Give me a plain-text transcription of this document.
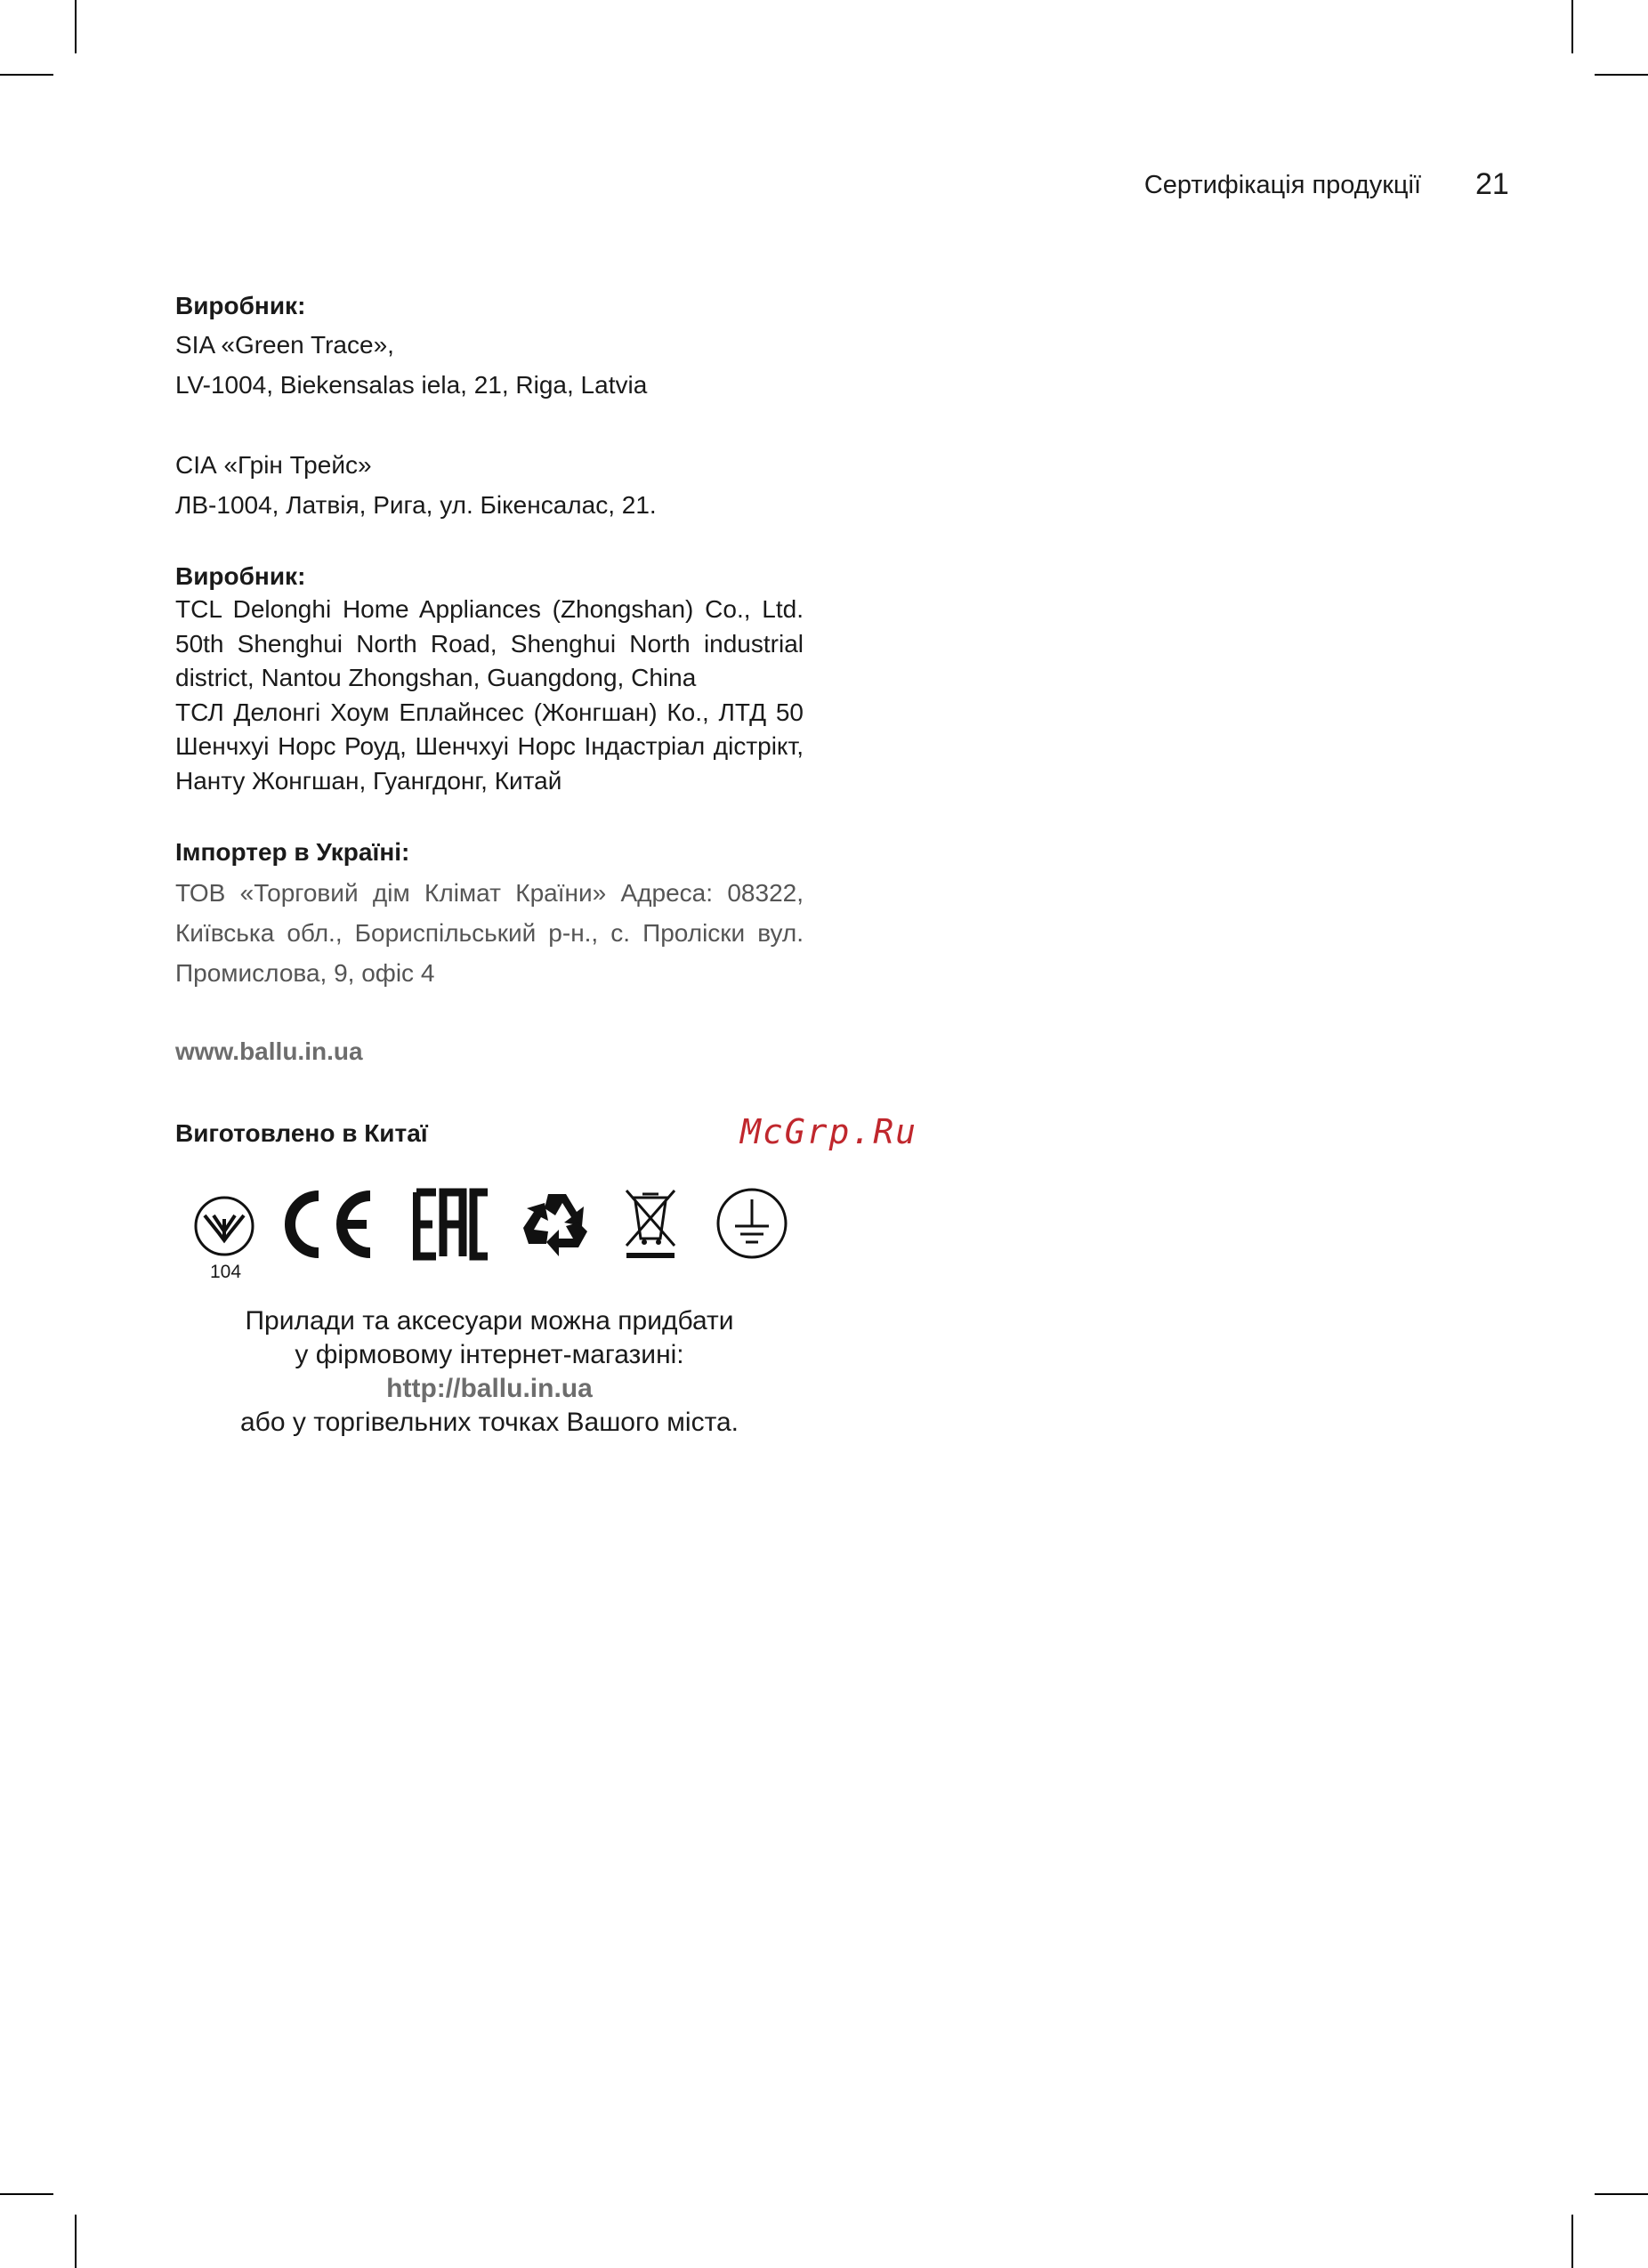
Сертифікація продукції 21
Виробник:
SIA «Green Trace»,
LV-1004, Biekensalas iela, 21, Riga, Latvia
СІА «Грін Трейс»
ЛВ-1004, Латвія, Рига, ул. Бікенсалас, 21.
Виробник:
TCL Delonghi Home Appliances (Zhongshan) Co., Ltd. 50th Shenghui North Road, Shenghui North industrial district, Nantou Zhongshan, Guangdong, China
ТСЛ Делонгі Хоум Еплайнсес (Жонгшан) Ко., ЛТД 50 Шенчхуі Норс Роуд, Шенчхуі Норс Індастріал дістрікт, Нанту Жонгшан, Гуангдонг, Китай
Імпортер в Україні:
ТОВ «Торговий дім Клімат Країни» Адреса: 08322, Київська обл., Бориспільський р-н., с. Пролiски вул. Промислова, 9, офіс 4
www.ballu.in.ua
Виготовлено в Китаї	McGrp.Ru
104
Прилади та аксесуари можна придбати
у фірмовому інтернет-магазині:
http://ballu.in.ua
або у торгівельних точках Вашого міста.
